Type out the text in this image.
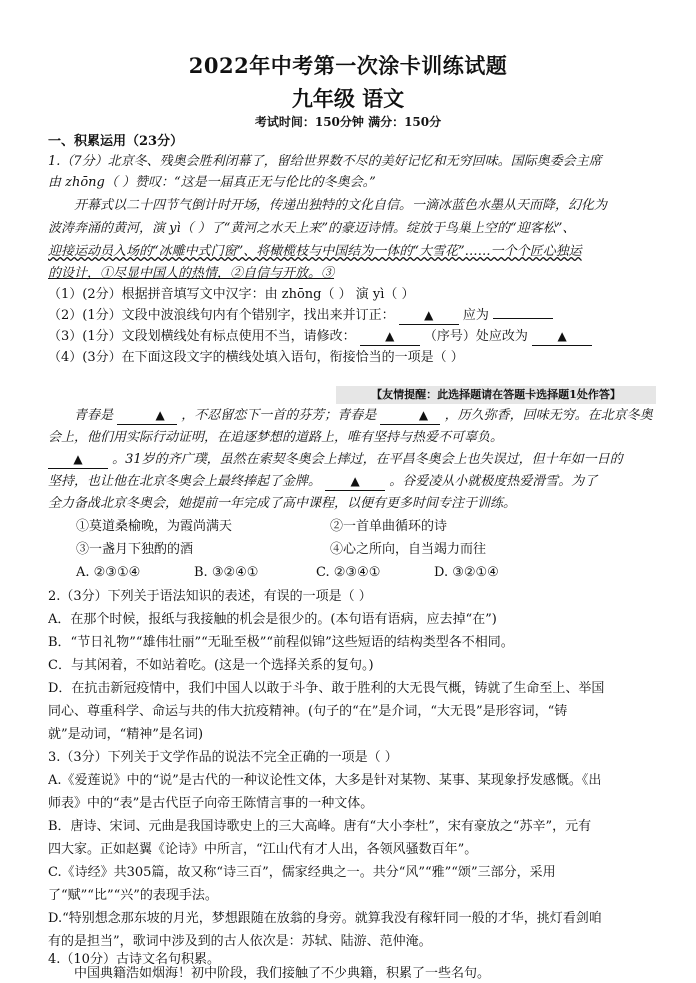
2022年中考第一次涂卡训练试题
九年级 语文
考试时间：150分钟 满分：150分
一、积累运用（23分）
1.（7分）北京冬、残奥会胜利闭幕了，留给世界数不尽的美好记忆和无穷回味。国际奥委会主席
由 zhōng（ ）赞叹：“这是一届真正无与伦比的冬奥会。”
开幕式以二十四节气倒计时开场，传递出独特的文化自信。一滴冰蓝色水墨从天而降，幻化为
波涛奔涌的黄河，演 yì（ ）了“黄河之水天上来”的豪迈诗情。绽放于鸟巢上空的“迎客松”、
迎接运动员入场的“冰雕中式门窗”、将橄榄枝与中国结为一体的“大雪花”……一个个匠心独运
的设计，①尽显中国人的热情，②自信与开放。③
（1）(2分）根据拼音填写文中汉字：由 zhōng（ ） 演 yì（ ）
（2）(1分）文段中波浪线句内有个错别字，找出来并订正： ▲ 应为
（3）(1分）文段划横线处有标点使用不当，请修改： ▲ （序号）处应改为 ▲
（4）(3分）在下面这段文字的横线处填入语句，衔接恰当的一项是（ ）
【友情提醒：此选择题请在答题卡选择题1处作答】
青春是	▲ ，不忍留恋下一首的芬芳；青春是	▲ ，历久弥香，回味无穷。在北京冬奥
会上，他们用实际行动证明，在追逐梦想的道路上，唯有坚持与热爱不可辜负。
▲ 。31岁的齐广璞，虽然在索契冬奥会上摔过，在平昌冬奥会上也失误过，但十年如一日的
坚持，也让他在北京冬奥会上最终捧起了金牌。 ▲ 。谷爱凌从小就极度热爱滑雪。为了
全力备战北京冬奥会，她提前一年完成了高中课程，以便有更多时间专注于训练。
①莫道桑榆晚，为霞尚满天	②一首单曲循环的诗
③一盏月下独酌的酒	④心之所向，自当竭力而往
A. ②③①④	B. ③②④①	C. ②③④①	D. ③②①④
2.（3分）下列关于语法知识的表述，有误的一项是（ ）
A．在那个时候，报纸与我接触的机会是很少的。(本句语有语病，应去掉“在”)
B．“节日礼物”“雄伟壮丽”“无耻至极”“前程似锦”这些短语的结构类型各不相同。
C．与其闲着，不如站着吃。(这是一个选择关系的复句。)
D．在抗击新冠疫情中，我们中国人以敢于斗争、敢于胜利的大无畏气概，铸就了生命至上、举国
同心、尊重科学、命运与共的伟大抗疫精神。(句子的“在”是介词，“大无畏”是形容词，“铸
就”是动词，“精神”是名词)
3.（3分）下列关于文学作品的说法不完全正确的一项是（ ）
A.《爱莲说》中的“说”是古代的一种议论性文体，大多是针对某物、某事、某现象抒发感慨。《出
师表》中的“表”是古代臣子向帝王陈情言事的一种文体。
B．唐诗、宋词、元曲是我国诗歌史上的三大高峰。唐有“大小李杜”，宋有豪放之“苏辛”，元有
四大家。正如赵翼《论诗》中所言，“江山代有才人出，各领风骚数百年”。
C.《诗经》共305篇，故又称“诗三百”，儒家经典之一。共分“风”“雅”“颂”三部分，采用
了“赋”“比”“兴”的表现手法。
D.“特别想念那东坡的月光，梦想跟随在放翁的身旁。就算我没有稼轩同一般的才华，挑灯看剑咱
有的是担当”，歌词中涉及到的古人依次是：苏轼、陆游、范仲淹。
4.（10分）古诗文名句积累。
中国典籍浩如烟海！初中阶段，我们接触了不少典籍，积累了一些名句。
